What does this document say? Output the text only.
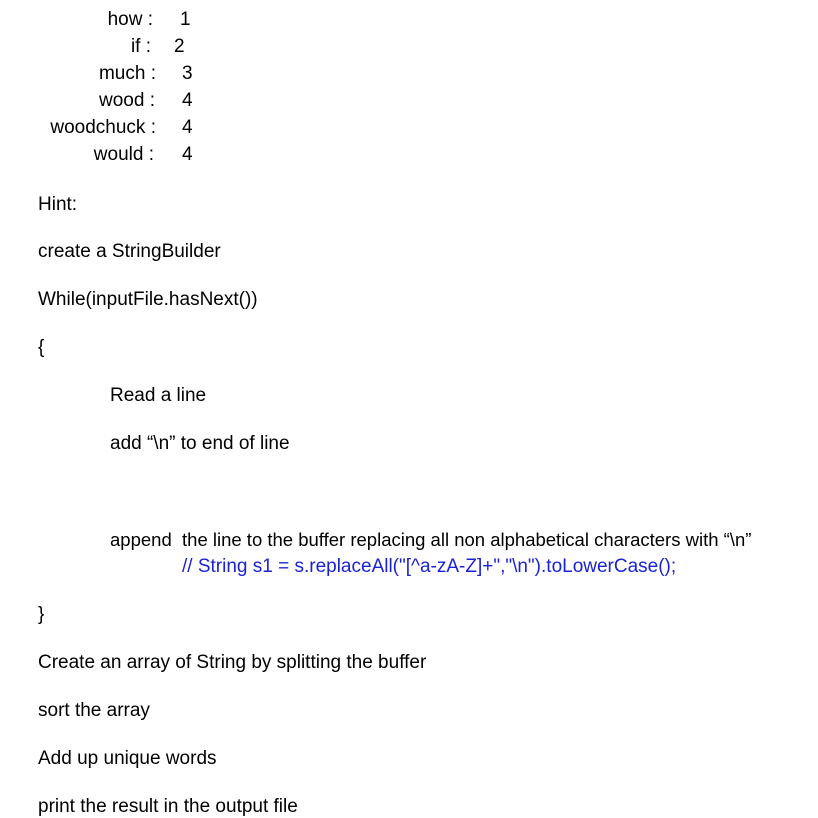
how : 1
if : 2
much : 3
wood : 4
woodchuck : 4
would : 4
Hint:
create a StringBuilder
While(inputFile.hasNext())
{
Read a line
add “\n” to end of line
append  the line to the buffer replacing all non alphabetical characters with “\n”
// String s1 = s.replaceAll("[^a-zA-Z]+","\n").toLowerCase();
}
Create an array of String by splitting the buffer
sort the array
Add up unique words
print the result in the output file
